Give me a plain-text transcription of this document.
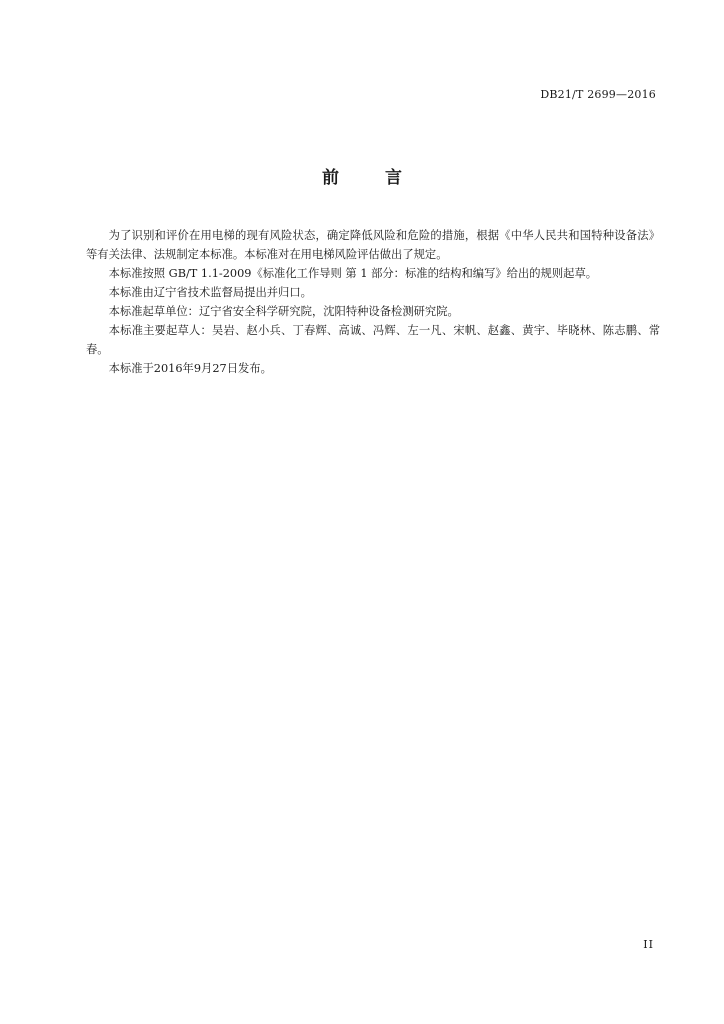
DB21/T 2699—2016
前 言

为了识别和评价在用电梯的现有风险状态，确定降低风险和危险的措施，根据《中华人民共和国特种设备法》等有关法律、法规制定本标准。本标准对在用电梯风险评估做出了规定。

本标准按照 GB/T 1.1-2009《标准化工作导则 第 1 部分：标准的结构和编写》给出的规则起草。

本标准由辽宁省技术监督局提出并归口。

本标准起草单位：辽宁省安全科学研究院，沈阳特种设备检测研究院。

本标准主要起草人：吴岩、赵小兵、丁春辉、高诚、冯辉、左一凡、宋帆、赵鑫、黄宇、毕晓林、陈志鹏、常春。

本标准于2016年9月27日发布。

II
